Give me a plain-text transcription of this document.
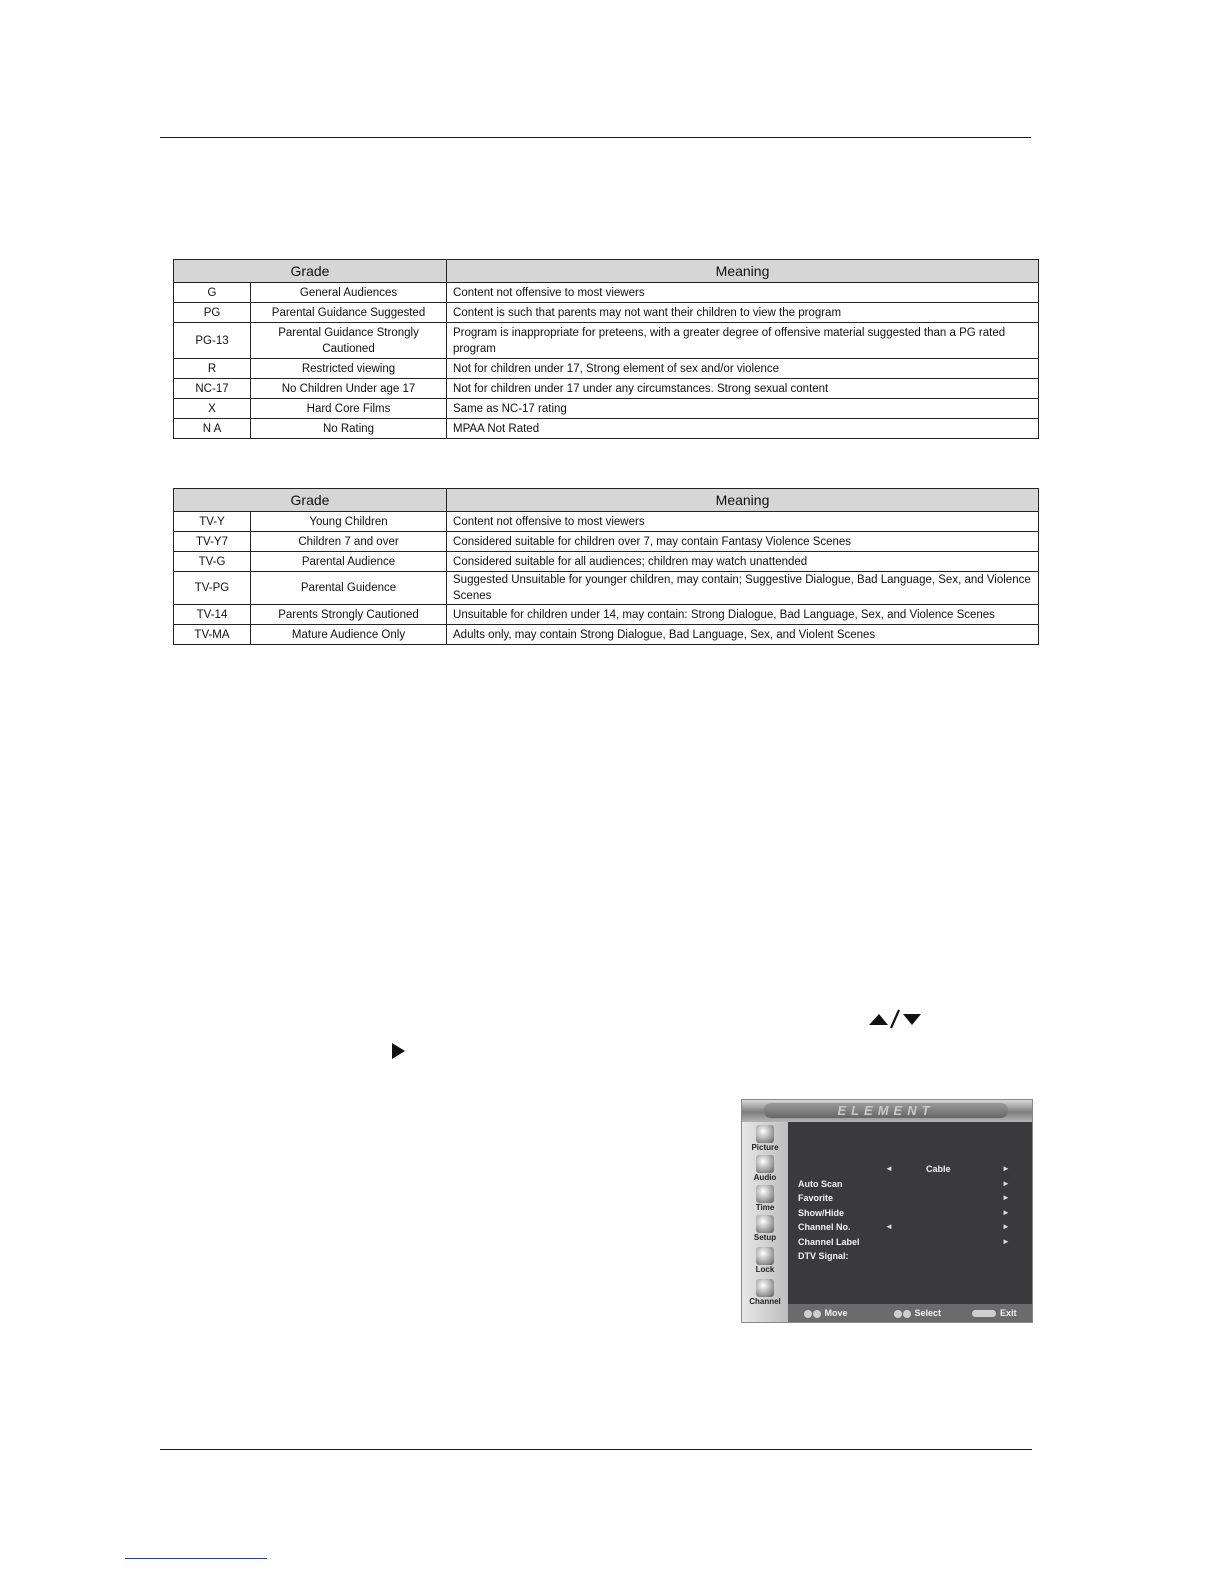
Grade		Meaning
G	General Audiences	Content not offensive to most viewers
PG	Parental Guidance Suggested	Content is such that parents may not want their children to view the program
PG-13	Parental Guidance Strongly Cautioned	Program is inappropriate for preteens, with a greater degree of offensive material suggested than a PG rated program
R	Restricted viewing	Not for children under 17, Strong element of sex and/or violence
NC-17	No Children Under age 17	Not for children under 17 under any circumstances. Strong sexual content
X	Hard Core Films	Same as NC-17 rating
N A	No Rating	MPAA Not Rated
Grade		Meaning
TV-Y	Young Children	Content not offensive to most viewers
TV-Y7	Children 7 and over	Considered suitable for children over 7, may contain Fantasy Violence Scenes
TV-G	Parental Audience	Considered suitable for all audiences; children may watch unattended
TV-PG	Parental Guidence	Suggested Unsuitable for younger children, may contain; Suggestive Dialogue, Bad Language, Sex, and Violence Scenes
TV-14	Parents Strongly Cautioned	Unsuitable for children under 14, may contain: Strong Dialogue, Bad Language, Sex, and Violence Scenes
TV-MA	Mature Audience Only	Adults only, may contain Strong Dialogue, Bad Language, Sex, and Violent Scenes
ELEMENT
Picture
Audio
Time
Setup
Lock
Channel
◄	Cable	►
Auto Scan	►
Favorite	►
Show/Hide	►
Channel No.	◄	►
Channel Label	►
DTV Signal:
Move	Select	Exit
